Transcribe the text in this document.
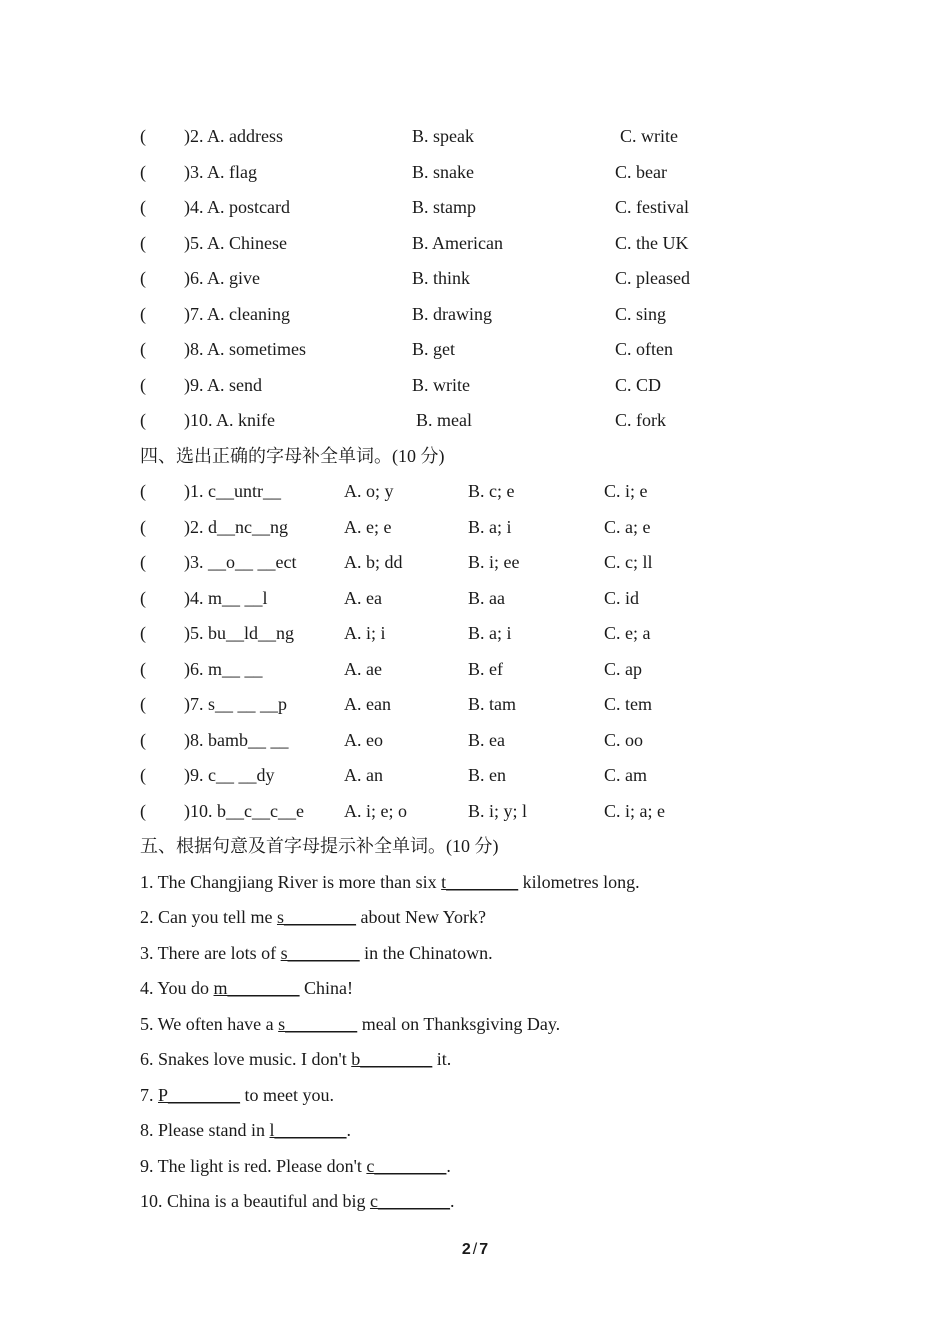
( )2. A. address	B. speak	C. write
( )3. A. flag	B. snake	C. bear
( )4. A. postcard	B. stamp	C. festival
( )5. A. Chinese	B. American	C. the UK
( )6. A. give	B. think	C. pleased
( )7. A. cleaning	B. drawing	C. sing
( )8. A. sometimes	B. get	C. often
( )9. A. send	B. write	C. CD
( )10. A. knife	B. meal	C. fork
四、选出正确的字母补全单词。(10 分)
( )1. c__untr__	A. o; y	B. c; e	C. i; e
( )2. d__nc__ng	A. e; e	B. a; i	C. a; e
( )3. __o__ __ect	A. b; dd	B. i; ee	C. c; ll
( )4. m__ __l	A. ea	B. aa	C. id
( )5. bu__ld__ng	A. i; i	B. a; i	C. e; a
( )6. m__ __	A. ae	B. ef	C. ap
( )7. s__ __ __p	A. ean	B. tam	C. tem
( )8. bamb__ __	A. eo	B. ea	C. oo
( )9. c__ __dy	A. an	B. en	C. am
( )10. b__c__c__e A. i; e; o	B. i; y; l	C. i; a; e
五、根据句意及首字母提示补全单词。(10 分)
1. The Changjiang River is more than six t________ kilometres long.
2. Can you tell me s________ about New York?
3. There are lots of s________ in the Chinatown.
4. You do m________ China!
5. We often have a s________ meal on Thanksgiving Day.
6. Snakes love music. I don't b________ it.
7. P________ to meet you.
8. Please stand in l________.
9. The light is red. Please don't c________.
10. China is a beautiful and big c________.
2 / 7
